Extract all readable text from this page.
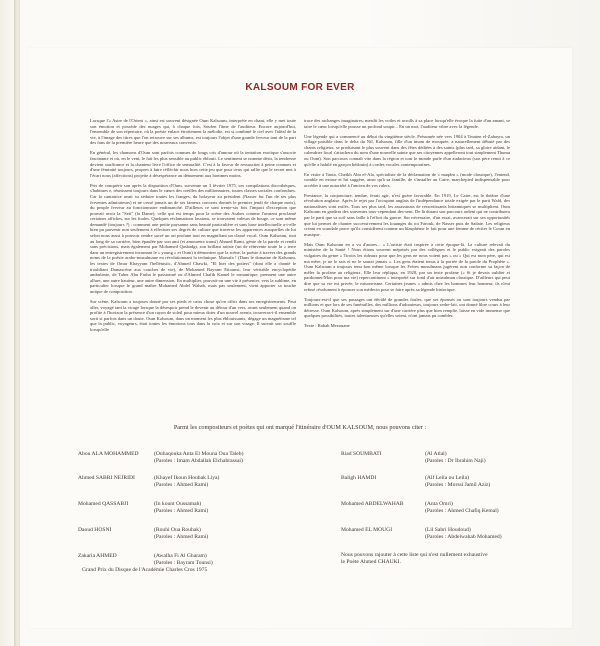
KALSOUM FOR EVER

Lorsque l'« Astre de l'Orient », ainsi est souvent désignée Oum Kalsoum, interprète en chant, elle y met toute son émotion et possède des nuages qui, à chaque fois, Soufen l'âme de l'auditeur. Encore aujourd'hui, l'ensemble de son répertoire, où la poésie enlace étroitement la mélodie, est si combiné le ciel avec l'idéal de la vie, à l'image des titres que l'on retrouve sur ses albums, est toujours l'objet d'une grande ferveur tant de la part des fans de la première heure que des nouveaux convertis.

En général, les chansons d'Oum sont parfois connues de longs cris d'amour où la tentation exotique s'associe fascinante et où, en le vent, le fait les plus sensible au public éblouit. Le sentiment se nomme désir, la tendresse devient souffrance et la chanteur livre l'office de sensualité. C'est à la faveur de ressusciter à peine connues et d'une féminité toujours, propres à faire réfléchir nous hors cette jeu que pour ceux qui rallie que le secret met à l'écart nous (affections) projette à désespérance au dénuement aux hommes moins.

Pris de conquérir son après la disparition d'Oum, survenue un 3 février 1975, ses compilations discothèques, s'habitues e, réunissent toujours dans le cœurs des oreilles des millionnaires, toutes classes sociales confondues. Car la cantatrice avait su séduire toutes les franges, du bolayeur au président (Nasser fut l'un de ses plus ferventes admirateurs) et ne cessé jamais un de ses fameux concerts donnés le premier jeudi de chaque mois), du peuple ferveur au fonctionnaire endimanché. D'ailleurs ce sont trente-six fois l'impact d'exception que pouvait avoir la "Sett" (la Dame), celle qui est temps pour la scène des Arabes comme l'avaient proclamé certaines affiches, sur les foules. Quelques réclamations lassions, se trouvaient valeurs de bouge, ce sont même demandé (toujours ?) : comment une petite paysanne sans beauté particulière et sans base intellectuelle a-t-elle bien pu parvenir non seulement à effectuer ses degrés de culture que traverse les apparences auxquelles de lui selon nous aussi à pouvoir rendre sacré un art profane tout en magnifiant un classé vocal. Oum Kalsoum, tout au long de sa carrière, bien épaulée par son ami (et amoureux transi) Ahmed Rami, génie de la parole et rendit sans précisions, mais également par Mohamed Qasbadgi, son brillant artiste (un de réinvente toute la « terre dans un entregistrement incarnant le « young » et Oum) à démontrer que la scène, la poésie à travers des grands noms de la poésie arabo-musulmane en révolutionnant la technique. Marsafa ! (Dans le domaine de Kalsoum, les textes de Omar Khayyam l'hellénistic, d'Ahmed Chawki, "El Iner des potiers" (dont elle a chanté le troubliant Damascène aux couches de vie), de Mohamed Bayram Ettounsi, leur véritable encyclopédie ambulante, de Taher Abu Fasha le passionné ou d'Ahmed Chafik Kamel le romantique, prennent une autre allure, une autre hauteur, une autre dimension. En multiplier, pouvait-on une vie à présenter, vers la sublime, en particulier lorsque le grand maître Mohamed Abdel Wahab, mais pas seulement, vient apporter sa touche unique de composition.

Sur scène, Kalsoum a toujours donné par ses pieds et caiss chose qu'on offrir dans ses enregistrements. Peut aller, voyagé tant la virage lorsque la désespoir prend le devenir au détour d'un vers, avant seulement quand on profite à l'horizon la présence d'un rayon de soleil pour mieux doter d'un nouvel avenir, trouveras-t-il ensemble sorti si parfois dans un doute. Oum Kalsoum, dans un moment les plus éblouissants, dégage un magnétisme tel que la public, voyageurs, était toutes les émotions tous dans la voix et sur son visage. Il suivait son souffle lorsqu'elle

trace des archanges imaginaires, mesdit les voiles et acrolls à sa place lorsqu'elle évoque la fuite d'un amant, se taire le cœur lorsqu'elle pousse un profond soupir... En un mot, l'auditeur vibre avec la légende.

Une légende qui a commencé au début du vingtième siècle. Présumée née vers 1904 à Tmaien el-Zahayra, un village paisible dans le delta du Nil, Kalsoum, fille d'un imam de mosquée, a naturellement débuté par des chants religieux, se produisant le plus souvent dans des fêtes dédiées à des saints (plus tard, sa gloire aidant, le calendrier local s'attachera du nom d'une nouvelle sainte que ses citoyennes appelleront tout simplement Thuma ou Oum). Son parcours connaît vite dans la région et tout le monde parle d'un audacieux (son père remit à ce qu'elle a habilé en garçon bédouin) à cordes vocales contemporaines.

En visite à Tanta, Cheikh Abu el-Ala, spécialiste de la déclamation de « maqâm » (mode classique), l'entend, comble en extase et lui suggère, ainsi qu'à sa famille, de s'installer au Caire, marchepied indispensable pour accéder à une notoriété à l'ancien de vos rulers.

Prestance, la conjoncture, tendue, ferait agir, n'est guère favorable. En 1919, Le Caire, est le théâtre d'une révolution anglaise. Après le rejet par l'occupant anglais de l'indépendance totale exigée par le parti Wafd, des nationalistes sont exilés. Tous ses plus tard, les assassinats de ressortissants britanniques se multiplient. Oum Kalsoum en gardera des souvenirs tous-cependant des-sent. De là durant son parcours ardent qui ne contribuera par le parti que sa soif sans faille à l'effort du guerre. Sur nécessaire, d'un essai, avancerait sur ses opportunités que lui permet de chanter successivement les louanges du roi Farouk, de Nasser puis de Sadate. Les religieux creant en scandale parce qu'ils considèrent comme un blasphème le fait pour une femme de réciter le Coran en musique.

Mais Oum Kalsoum en a vu d'autres... « L'artiste était inspirée à cette époque-là. La culture relevait du ministère de la Santé ! Nous étions souvent méprisés par des collègues et le public exigeait des paroles vulgaires du genre « Tiroirs les rideaux pour que les gens ne nous voient pas » ou « Qui est mon père, qui est ma mère, je ne le sais et ne le saurai jamais ». Les gens étaient tenus à la portée de la parole du Prophète ». Oum Kalsoum a toujours tenu bon même lorsque les Frères musulmans jugèrent non conforme sa façon de mêler la profane au religieux. Elle leur répliqua, en 1928, par un texte profane (« Si je devais oublier et pardonner/Mon pour ma vie) repercontinent » interprété sur fond d'air musulman classique. D'ailleurs qui peut dire que sa vie est privée, le misoneisme. Certaines jeunes « admis chez les hommes leur honneur, ils n'eut refusé résolument à épouser son médecin pour se faire après sa légende historique.

Toujours-est-il que ses passages ont décidé de grandes foules, que ses épousés ou sont toujours vendus par millions et que lors de ses funérailles, des millions d'adorateurs, toujours serbe-lait, ont donné libre cours à leur détresse. Oum Kalsoum, après simplement sur d'une carrière plus que bien remplie, laisse en vide immense que quelques possibilités, toutes talentueuses qu'elles soient, n'ont jamais pu combler.

Texte : Rabah Mezouane

Parmi les compositeurs et poètes qui ont marqué l'itinéraire d'OUM KALSOUM, nous pouvons citer :
Abou ALA MOHAMMED	(Ouhaqouka Anta El Mouna Oua Taleb)
(Paroles : Imam Abdallah Elchabrassai)
Ahmed SABRI NEJRIDI	(Khayef Ikoun Houbak Liya)
(Paroles : Ahmed Rami)
Mohamed QASSABJI	(In kount Oussamah)
(Paroles : Ahmed Rami)
Daoud HOSNI	(Rouhi Oua Rouhak)
(Paroles : Ahmed Rami)
Zakaria AHMED	(Awalha Fi Al Gharam)
(Paroles : Bayram Tounsi)
Grand Prix du Disque de l'Académie Charles Cros 1975
Riad SOUMBATI	(Al Atlal)
(Paroles : Dr Ibrahim Naji)
Baligh HAMDI	(Alf Leila ou Leila)
(Paroles : Morssi Jamil Aziz)
Mohamed ABDELWAHAB	(Anta Omri)
(Paroles : Ahmed Chafiq Kemal)
Mohamed EL MOUGI	(Lil Sabri Houdoud)
(Paroles : Abdelwahab Mohamed)
Nous pouvons rajouter à cette liste qui n'est nullement exhaustive le Poète Ahmed CHAUKI.
